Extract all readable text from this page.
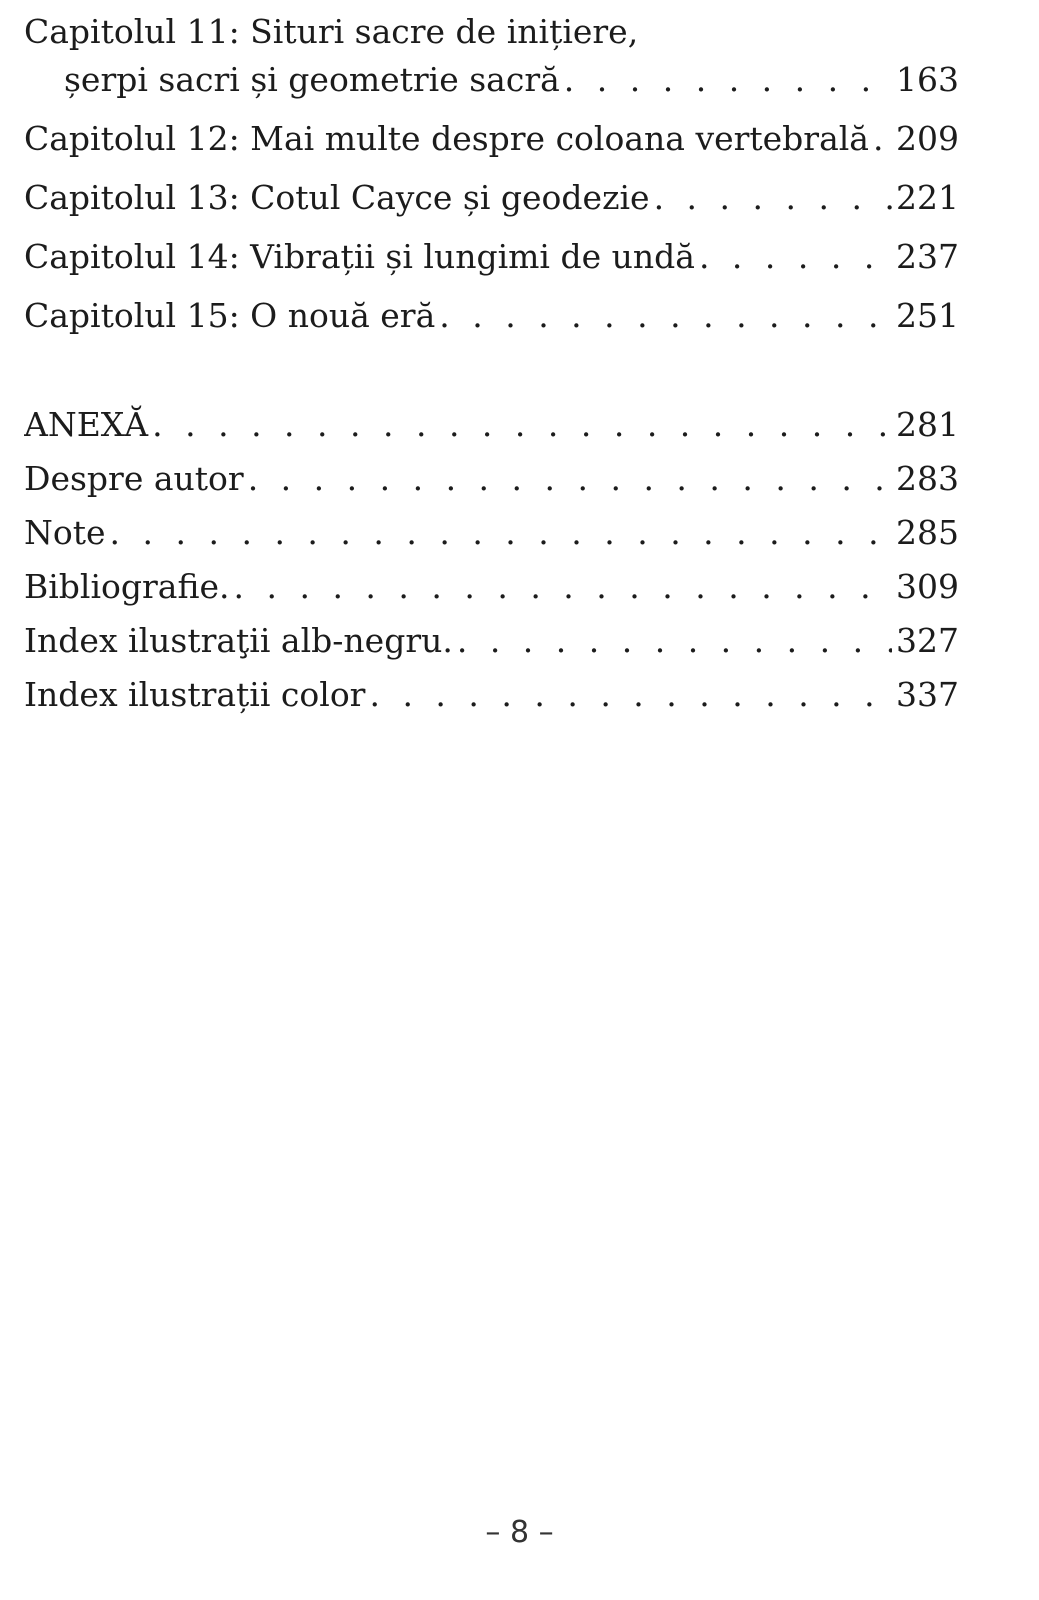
Capitolul 11: Situri sacre de inițiere,
șerpi sacri și geometrie sacră . . .	163
Capitolul 12: Mai multe despre coloana vertebrală . . . 209
Capitolul 13: Cotul Cayce și geodezie . . .	221
Capitolul 14: Vibrații și lungimi de undă . . .	237
Capitolul 15: O nouă eră . . .	251
ANEXĂ . . .	281
Despre autor . . .	283
Note . . .	285
Bibliografie. . . .	309
Index ilustraţii alb-negru. . . .	327
Index ilustrații color . . .	337
– 8 –
